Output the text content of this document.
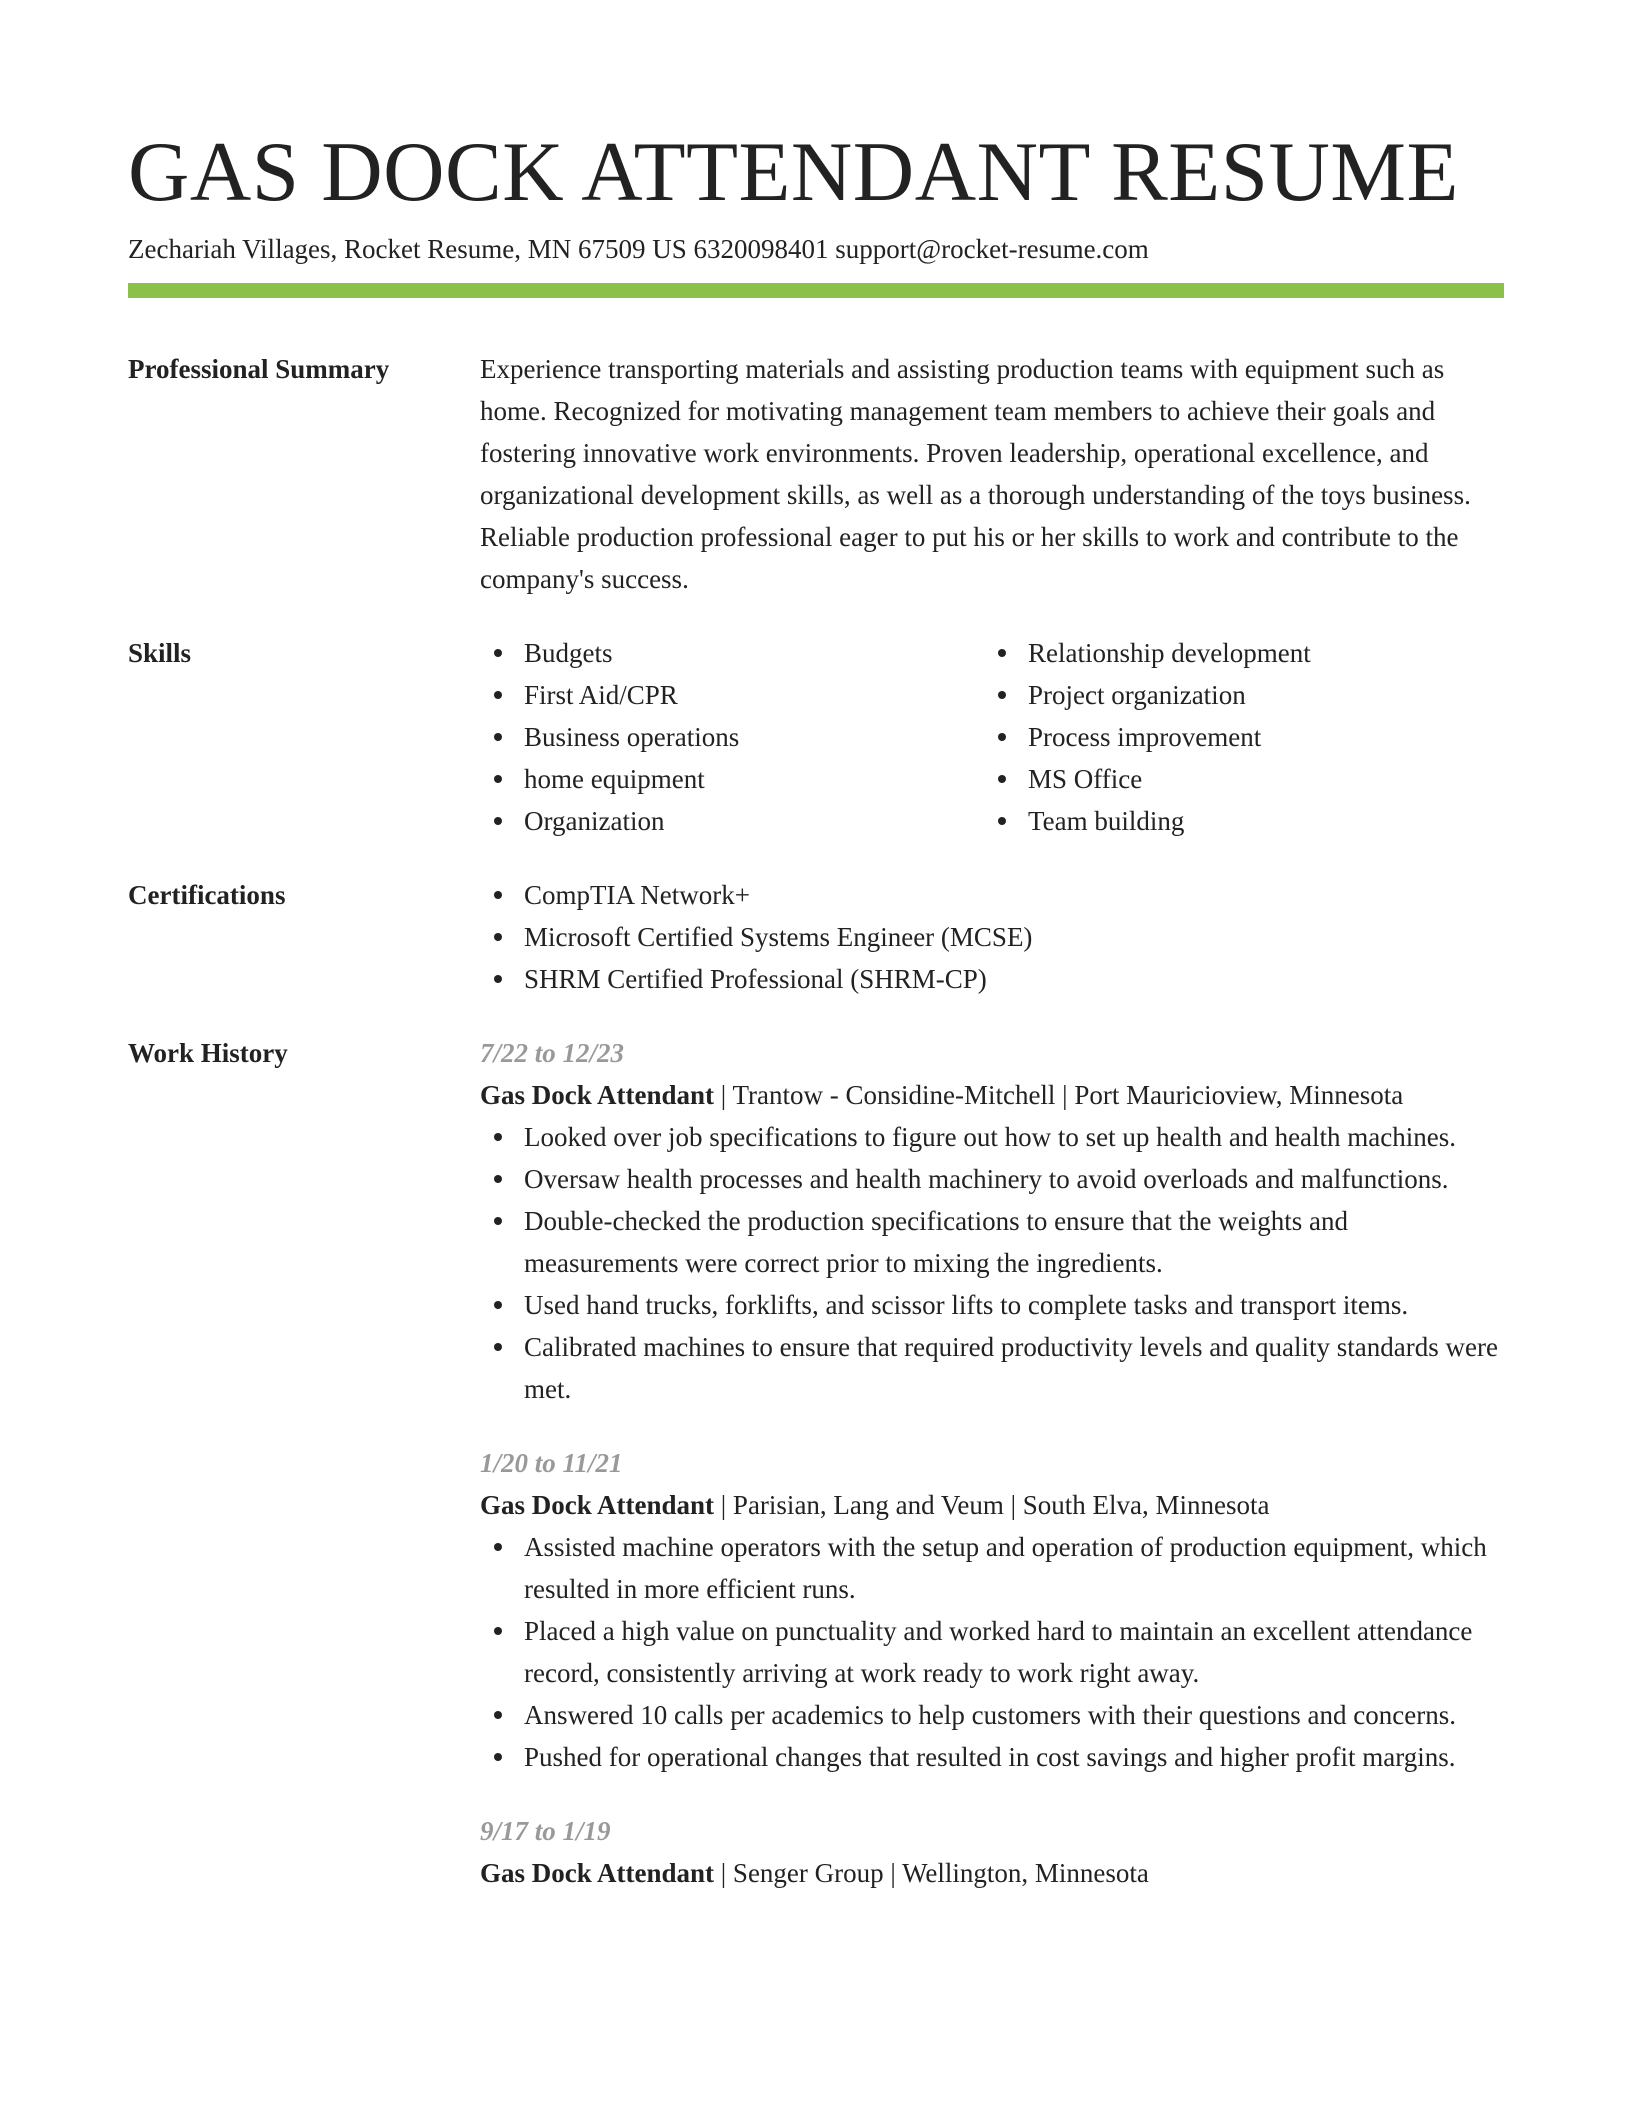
GAS DOCK ATTENDANT RESUME
Zechariah Villages, Rocket Resume, MN 67509 US 6320098401 support@rocket-resume.com
Professional Summary	Experience transporting materials and assisting production teams with equipment such as home. Recognized for motivating management team members to achieve their goals and fostering innovative work environments. Proven leadership, operational excellence, and organizational development skills, as well as a thorough understanding of the toys business. Reliable production professional eager to put his or her skills to work and contribute to the company's success.
Skills	Budgets
First Aid/CPR
Business operations
home equipment
Organization
Relationship development
Project organization
Process improvement
MS Office
Team building
Certifications	CompTIA Network+
Microsoft Certified Systems Engineer (MCSE)
SHRM Certified Professional (SHRM-CP)
Work History	7/22 to 12/23
Gas Dock Attendant | Trantow - Considine-Mitchell | Port Mauricioview, Minnesota
Looked over job specifications to figure out how to set up health and health machines.
Oversaw health processes and health machinery to avoid overloads and malfunctions.
Double-checked the production specifications to ensure that the weights and measurements were correct prior to mixing the ingredients.
Used hand trucks, forklifts, and scissor lifts to complete tasks and transport items.
Calibrated machines to ensure that required productivity levels and quality standards were met.
1/20 to 11/21
Gas Dock Attendant | Parisian, Lang and Veum | South Elva, Minnesota
Assisted machine operators with the setup and operation of production equipment, which resulted in more efficient runs.
Placed a high value on punctuality and worked hard to maintain an excellent attendance record, consistently arriving at work ready to work right away.
Answered 10 calls per academics to help customers with their questions and concerns.
Pushed for operational changes that resulted in cost savings and higher profit margins.
9/17 to 1/19
Gas Dock Attendant | Senger Group | Wellington, Minnesota
